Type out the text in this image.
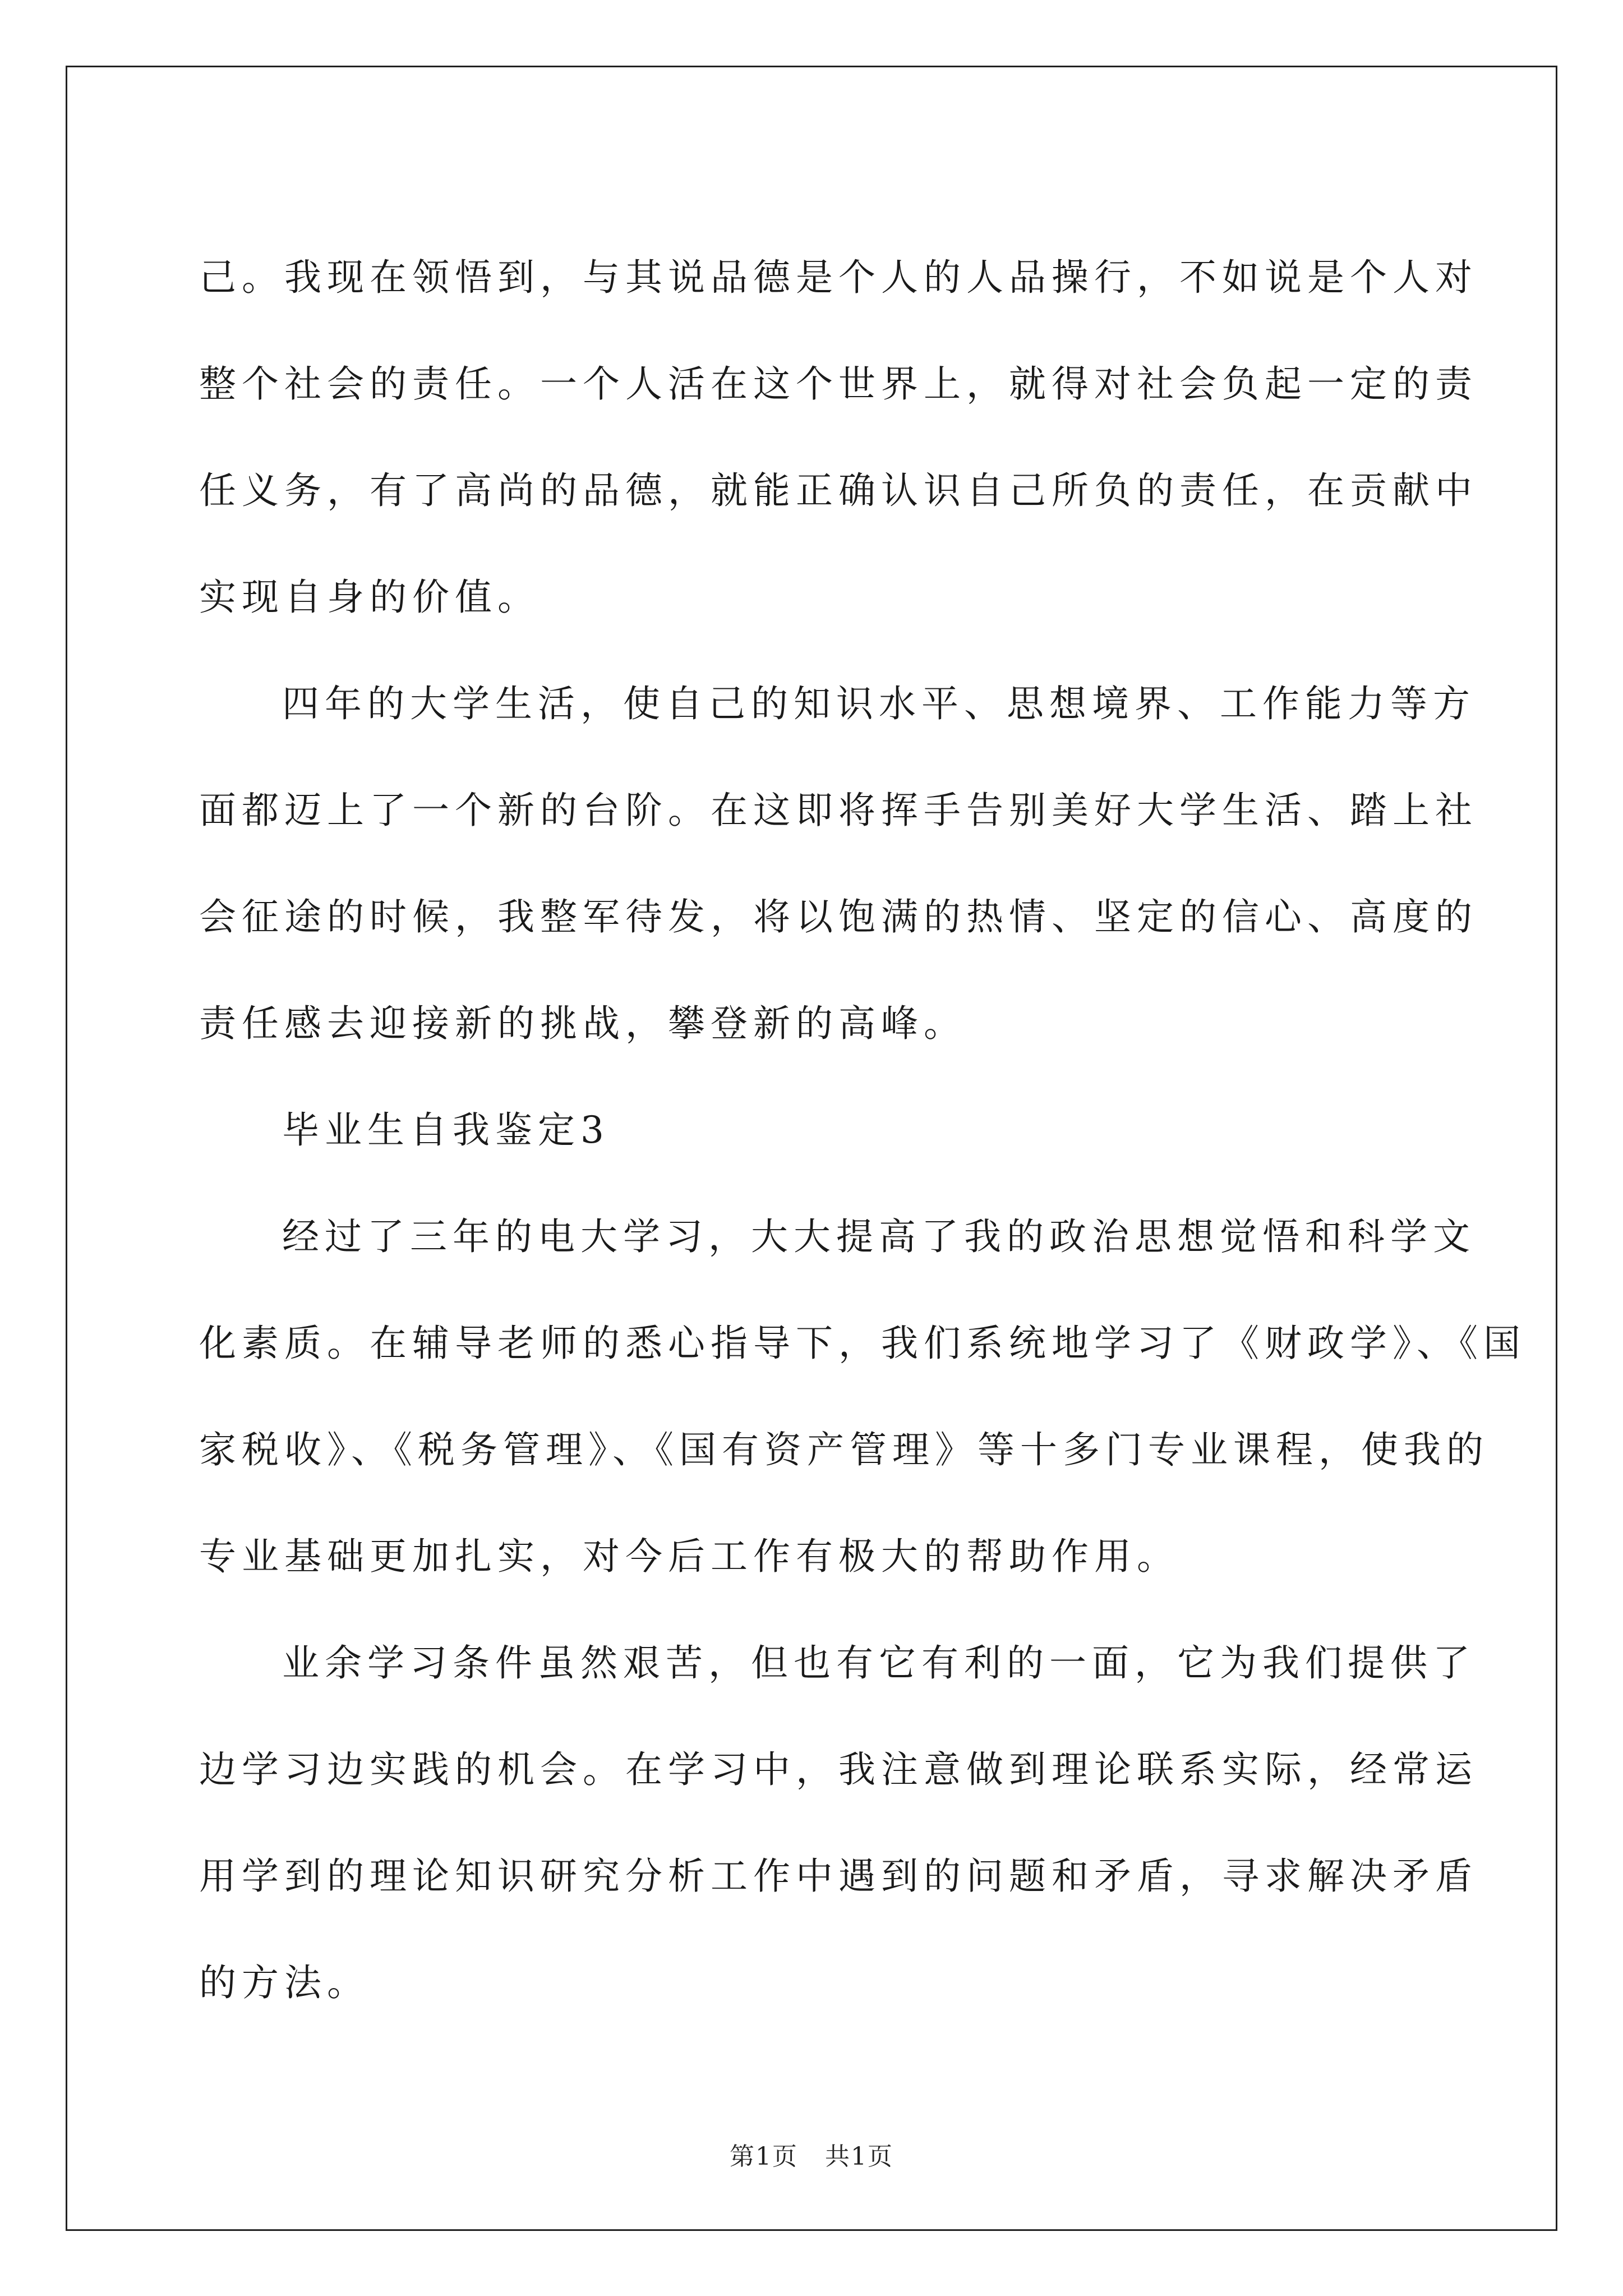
己。我现在领悟到，与其说品德是个人的人品操行，不如说是个人对
整个社会的责任。一个人活在这个世界上，就得对社会负起一定的责
任义务，有了高尚的品德，就能正确认识自己所负的责任，在贡献中
实现自身的价值。
四年的大学生活，使自己的知识水平、思想境界、工作能力等方
面都迈上了一个新的台阶。在这即将挥手告别美好大学生活、踏上社
会征途的时候，我整军待发，将以饱满的热情、坚定的信心、高度的
责任感去迎接新的挑战，攀登新的高峰。
毕业生自我鉴定3
经过了三年的电大学习，大大提高了我的政治思想觉悟和科学文
化素质。在辅导老师的悉心指导下，我们系统地学习了《财政学》、《国
家税收》、《税务管理》、《国有资产管理》等十多门专业课程，使我的
专业基础更加扎实，对今后工作有极大的帮助作用。
业余学习条件虽然艰苦，但也有它有利的一面，它为我们提供了
边学习边实践的机会。在学习中，我注意做到理论联系实际，经常运
用学到的理论知识研究分析工作中遇到的问题和矛盾，寻求解决矛盾
的方法。
第1页 共1页
